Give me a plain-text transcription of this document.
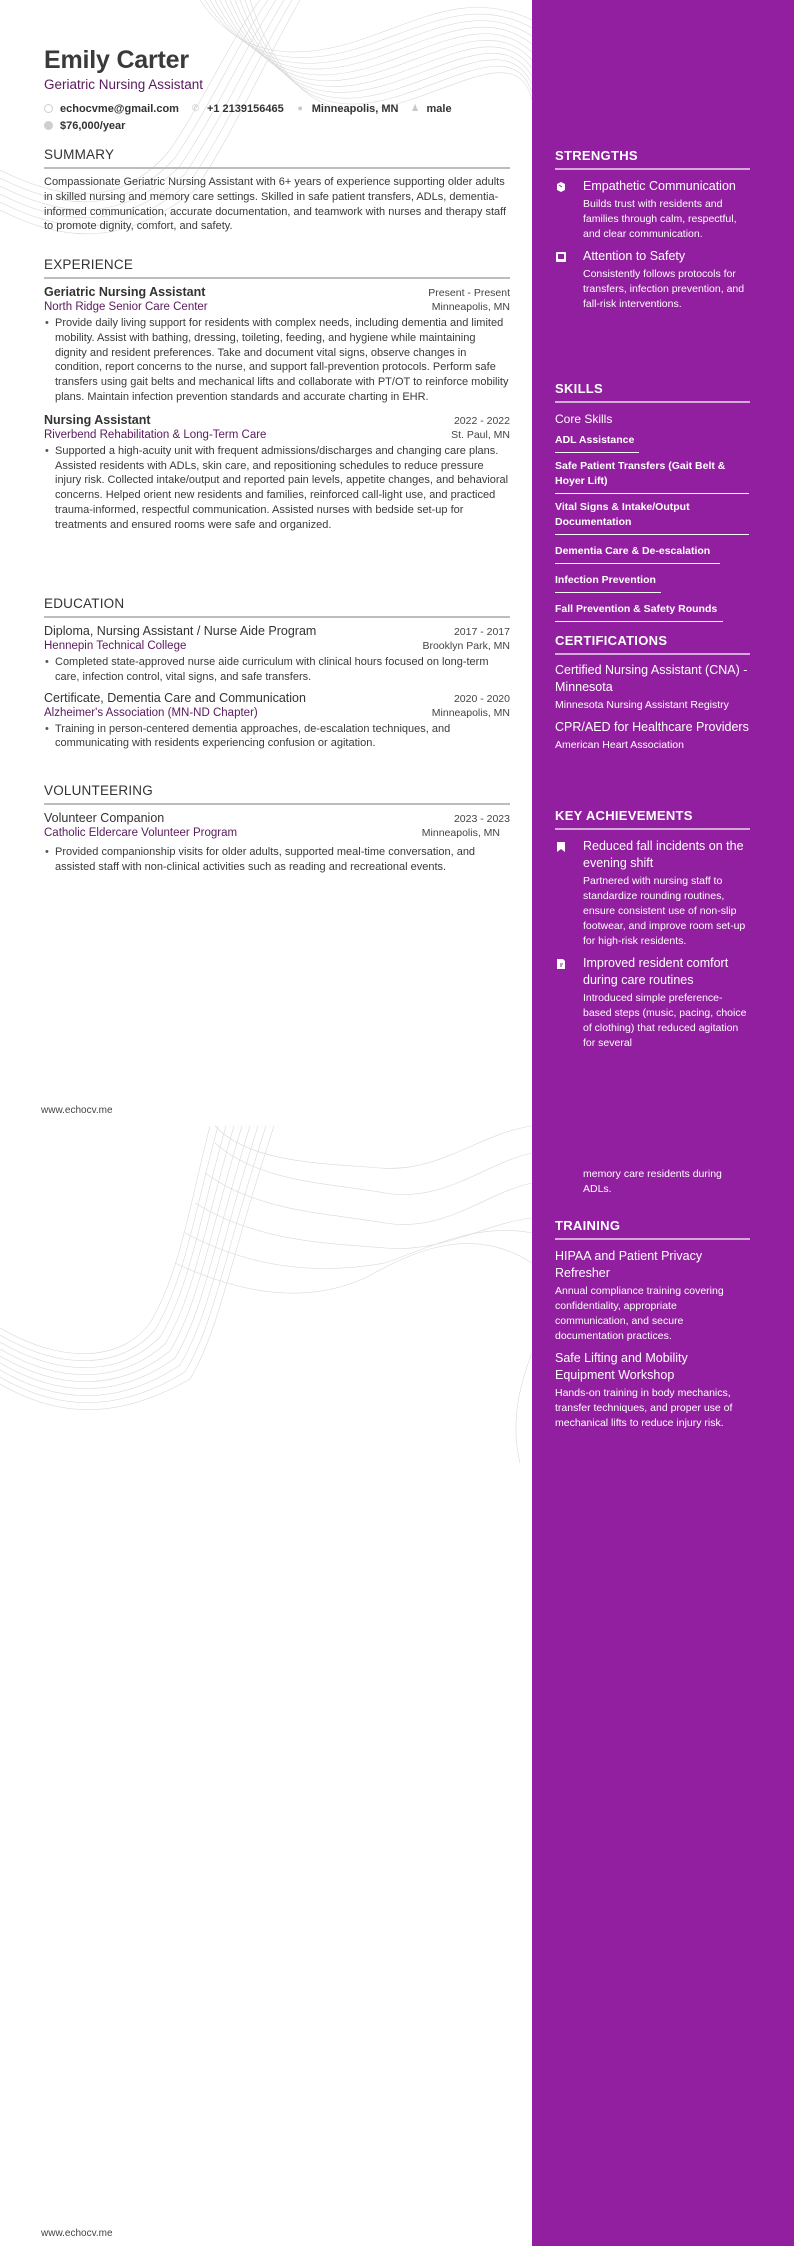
Emily Carter
Geriatric Nursing Assistant
echocvme@gmail.com ✆ +1 2139156465 ● Minneapolis, MN ♟ male
$76,000/year
SUMMARY

Compassionate Geriatric Nursing Assistant with 6+ years of experience supporting older adults in skilled nursing and memory care settings. Skilled in safe patient transfers, ADLs, dementia-informed communication, accurate documentation, and teamwork with nurses and therapy staff to promote dignity, comfort, and safety.

EXPERIENCE
Geriatric Nursing Assistant	Present - Present
North Ridge Senior Care Center	Minneapolis, MN
• Provide daily living support for residents with complex needs, including dementia and limited mobility. Assist with bathing, dressing, toileting, feeding, and hygiene while maintaining dignity and resident preferences. Take and document vital signs, observe changes in condition, report concerns to the nurse, and support fall-prevention protocols. Perform safe transfers using gait belts and mechanical lifts and collaborate with PT/OT to reinforce mobility plans. Maintain infection prevention standards and accurate charting in EHR.
Nursing Assistant	2022 - 2022
Riverbend Rehabilitation & Long-Term Care	St. Paul, MN
• Supported a high-acuity unit with frequent admissions/discharges and changing care plans. Assisted residents with ADLs, skin care, and repositioning schedules to reduce pressure injury risk. Collected intake/output and reported pain levels, appetite changes, and behavioral concerns. Helped orient new residents and families, reinforced call-light use, and practiced trauma-informed, respectful communication. Assisted nurses with bedside set-up for treatments and ensured rooms were safe and organized.
EDUCATION
Diploma, Nursing Assistant / Nurse Aide Program	2017 - 2017
Hennepin Technical College	Brooklyn Park, MN
• Completed state-approved nurse aide curriculum with clinical hours focused on long-term care, infection control, vital signs, and safe transfers.
Certificate, Dementia Care and Communication	2020 - 2020
Alzheimer's Association (MN-ND Chapter)	Minneapolis, MN
• Training in person-centered dementia approaches, de-escalation techniques, and communicating with residents experiencing confusion or agitation.
VOLUNTEERING
Volunteer Companion	2023 - 2023
Catholic Eldercare Volunteer Program	Minneapolis, MN
• Provided companionship visits for older adults, supported meal-time conversation, and assisted staff with non-clinical activities such as reading and recreational events.
STRENGTHS
Empathetic Communication
Builds trust with residents and families through calm, respectful, and clear communication.
Attention to Safety
Consistently follows protocols for transfers, infection prevention, and fall-risk interventions.
SKILLS
Core Skills
ADL Assistance
Safe Patient Transfers (Gait Belt & Hoyer Lift)
Vital Signs & Intake/Output Documentation
Dementia Care & De-escalation
Infection Prevention
Fall Prevention & Safety Rounds
CERTIFICATIONS
Certified Nursing Assistant (CNA) - Minnesota
Minnesota Nursing Assistant Registry
CPR/AED for Healthcare Providers
American Heart Association
KEY ACHIEVEMENTS
Reduced fall incidents on the evening shift
Partnered with nursing staff to standardize rounding routines, ensure consistent use of non-slip footwear, and improve room set-up for high-risk residents.
Improved resident comfort during care routines
Introduced simple preference-based steps (music, pacing, choice of clothing) that reduced agitation for several
www.echocv.me
memory care residents during ADLs.
TRAINING
HIPAA and Patient Privacy Refresher
Annual compliance training covering confidentiality, appropriate communication, and secure documentation practices.
Safe Lifting and Mobility Equipment Workshop
Hands-on training in body mechanics, transfer techniques, and proper use of mechanical lifts to reduce injury risk.
www.echocv.me
